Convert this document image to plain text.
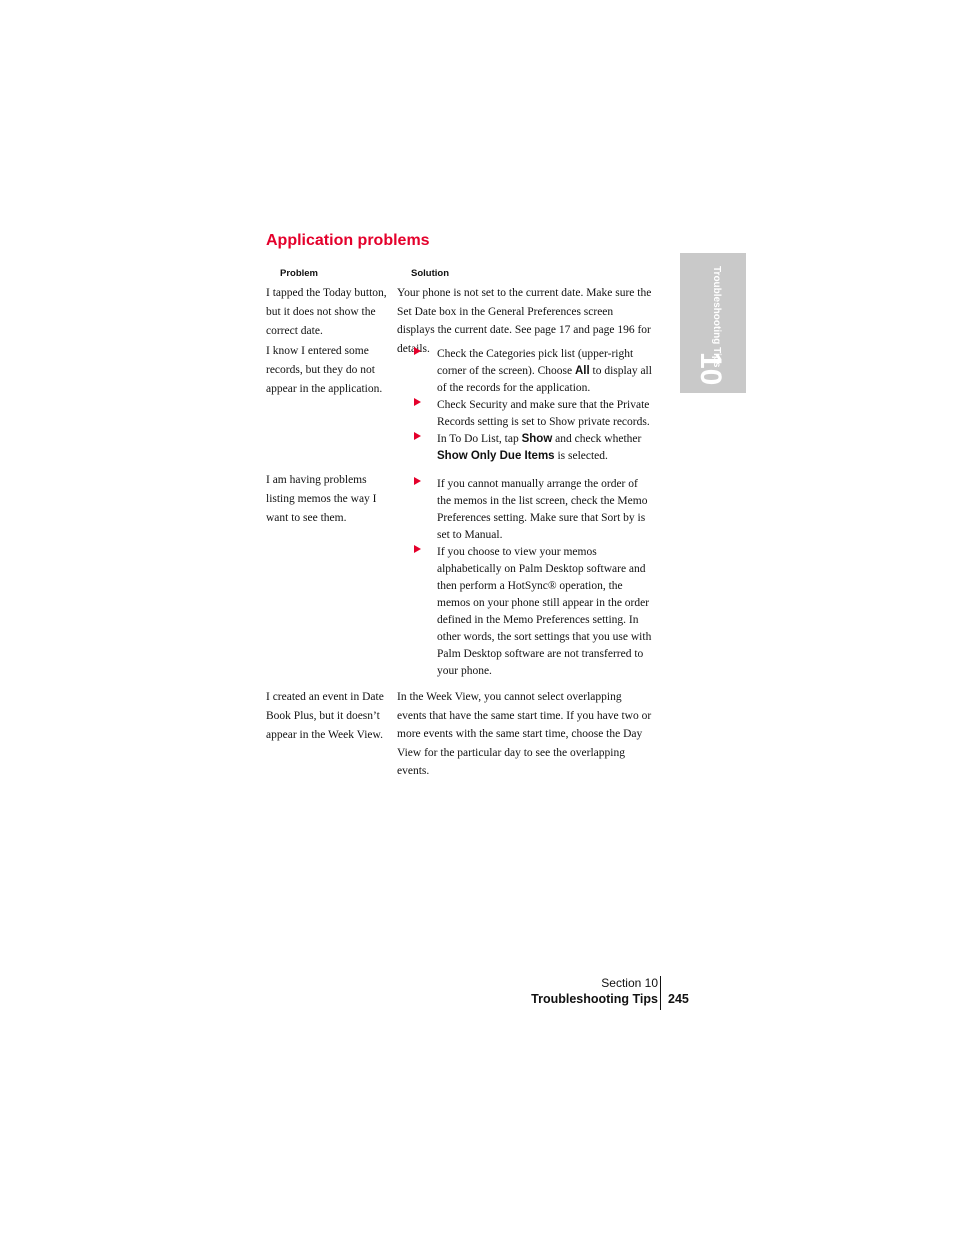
Application problems
Problem	Solution
I tapped the Today button, but it does not show the correct date.
Your phone is not set to the current date. Make sure the Set Date box in the General Preferences screen displays the current date. See page 17 and page 196 for details.
I know I entered some records, but they do not appear in the application.
Check the Categories pick list (upper-right corner of the screen). Choose All to display all of the records for the application.
Check Security and make sure that the Private Records setting is set to Show private records.
In To Do List, tap Show and check whether Show Only Due Items is selected.
I am having problems listing memos the way I want to see them.
If you cannot manually arrange the order of the memos in the list screen, check the Memo Preferences setting. Make sure that Sort by is set to Manual.
If you choose to view your memos alphabetically on Palm Desktop software and then perform a HotSync® operation, the memos on your phone still appear in the order defined in the Memo Preferences setting. In other words, the sort settings that you use with Palm Desktop software are not transferred to your phone.
I created an event in Date Book Plus, but it doesn’t appear in the Week View.
In the Week View, you cannot select overlapping events that have the same start time. If you have two or more events with the same start time, choose the Day View for the particular day to see the overlapping events.
Troubleshooting Tips
10
Section 10
Troubleshooting Tips 245
